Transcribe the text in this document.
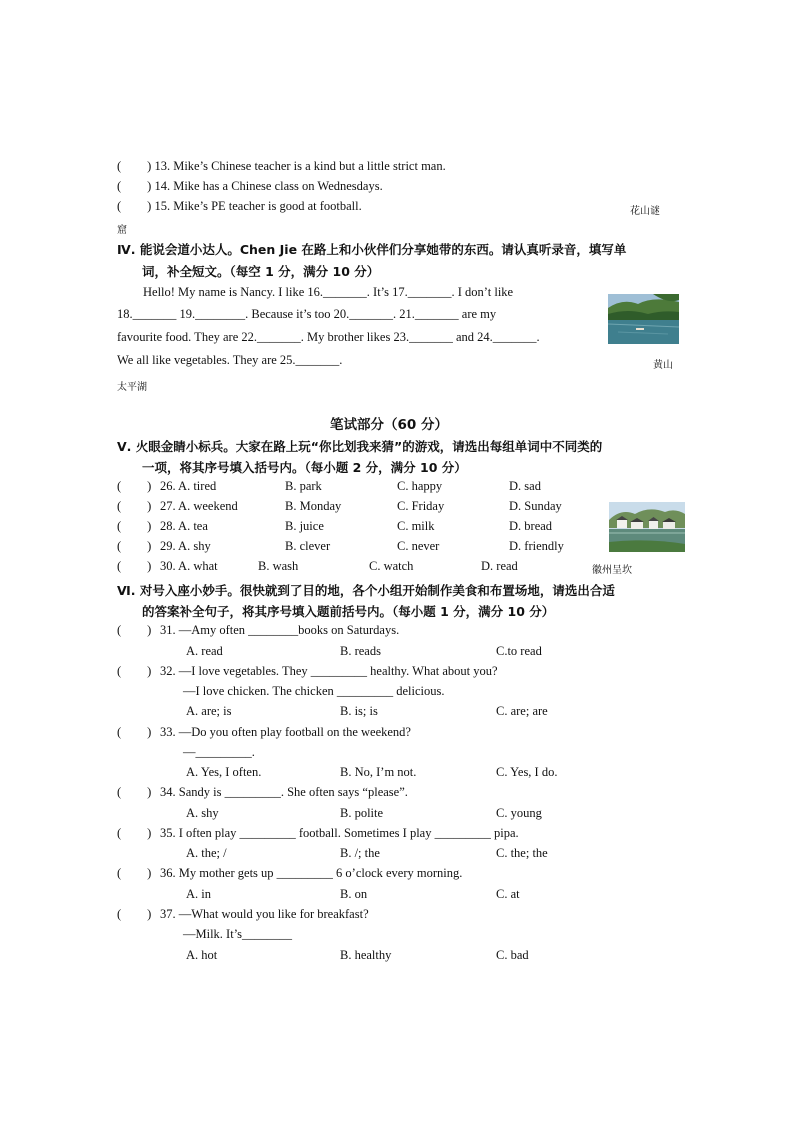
( ) 13. Mike’s Chinese teacher is a kind but a little strict man.
( ) 14. Mike has a Chinese class on Wednesdays.
( ) 15. Mike’s PE teacher is good at football.	花山谜
窟
Ⅳ. 能说会道小达人。Chen Jie 在路上和小伙伴们分享她带的东西。请认真听录音，填写单
词，补全短文。（每空 1 分，满分 10 分）
Hello! My name is Nancy. I like 16._______. It’s 17._______. I don’t like
18._______ 19.________. Because it’s too 20._______. 21._______ are my
favourite food. They are 22._______. My brother likes 23._______ and 24._______.
We all like vegetables. They are 25._______.	黄山
太平湖
笔试部分（60 分）
Ⅴ. 火眼金睛小标兵。大家在路上玩“你比划我来猜”的游戏，请选出每组单词中不同类的
一项，将其序号填入括号内。（每小题 2 分，满分 10 分）
( ) 26. A. tired	B. park	C. happy	D. sad
( ) 27. A. weekend	B. Monday	C. Friday	D. Sunday
( ) 28. A. tea	B. juice	C. milk	D. bread
( ) 29. A. shy	B. clever	C. never	D. friendly
( ) 30. A. what	B. wash	C. watch	D. read	徽州呈坎
Ⅵ. 对号入座小妙手。很快就到了目的地，各个小组开始制作美食和布置场地，请选出合适
的答案补全句子，将其序号填入题前括号内。（每小题 1 分，满分 10 分）
( ) 31. —Amy often ________books on Saturdays.
A. read	B. reads	C.to read
( ) 32. —I love vegetables. They _________ healthy. What about you?
—I love chicken. The chicken _________ delicious.
A. are; is	B. is; is	C. are; are
( ) 33. —Do you often play football on the weekend?
—_________.
A. Yes, I often.	B. No, I’m not.	C. Yes, I do.
( ) 34. Sandy is _________. She often says “please”.
A. shy	B. polite	C. young
( ) 35. I often play _________ football. Sometimes I play _________ pipa.
A. the; /	B. /; the	C. the; the
( ) 36. My mother gets up _________ 6 o’clock every morning.
A. in	B. on	C. at
( ) 37. —What would you like for breakfast?
—Milk. It’s________
A. hot	B. healthy	C. bad
